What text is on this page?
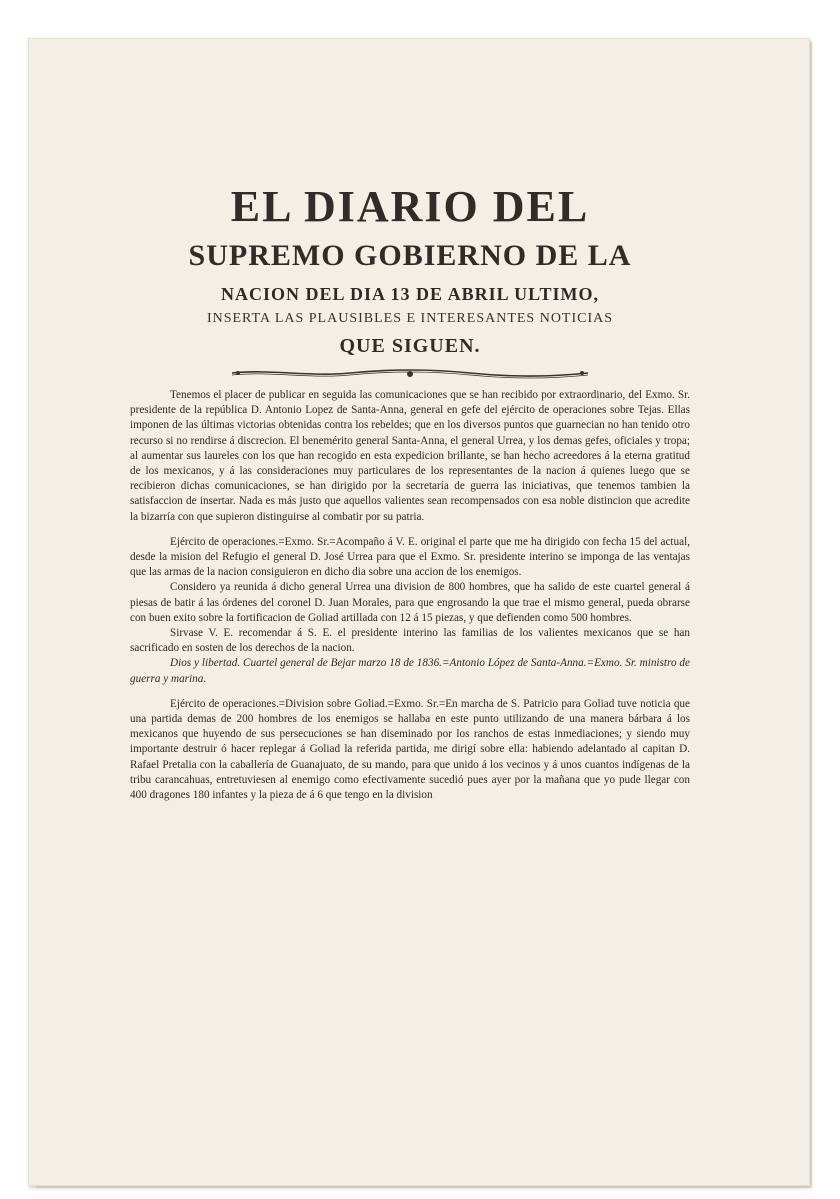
EL DIARIO DEL
SUPREMO GOBIERNO DE LA
NACION DEL DIA 13 DE ABRIL ULTIMO,
INSERTA LAS PLAUSIBLES E INTERESANTES NOTICIAS
QUE SIGUEN.

Tenemos el placer de publicar en seguida las comunicaciones que se han recibido por extraordinario, del Exmo. Sr. presidente de la república D. Antonio Lopez de Santa-Anna, general en gefe del ejército de operaciones sobre Tejas. Ellas imponen de las últimas victorias obtenidas contra los rebeldes; que en los diversos puntos que guarnecian no han tenido otro recurso si no rendirse á discrecion. El benemérito general Santa-Anna, el general Urrea, y los demas gefes, oficiales y tropa; al aumentar sus laureles con los que han recogido en esta expedicion brillante, se han hecho acreedores á la eterna gratitud de los mexicanos, y á las consideraciones muy particulares de los representantes de la nacion á quienes luego que se recibieron dichas comunicaciones, se han dirigido por la secretaría de guerra las iniciativas, que tenemos tambien la satisfaccion de insertar. Nada es más justo que aquellos valientes sean recompensados con esa noble distincion que acredite la bizarría con que supieron distinguirse al combatir por su patria.

Ejército de operaciones.=Exmo. Sr.=Acompaño á V. E. original el parte que me ha dirigido con fecha 15 del actual, desde la mision del Refugio el general D. José Urrea para que el Exmo. Sr. presidente interino se imponga de las ventajas que las armas de la nacion consiguieron en dicho dia sobre una accion de los enemigos.

Considero ya reunida á dicho general Urrea una division de 800 hombres, que ha salido de este cuartel general á piesas de batir á las órdenes del coronel D. Juan Morales, para que engrosando la que trae el mismo general, pueda obrarse con buen exito sobre la fortificacion de Goliad artillada con 12 á 15 piezas, y que defienden como 500 hombres.

Sirvase V. E. recomendar á S. E. el presidente interino las familias de los valientes mexicanos que se han sacrificado en sosten de los derechos de la nacion.

Dios y libertad. Cuartel general de Bejar marzo 18 de 1836.=Antonio López de Santa-Anna.=Exmo. Sr. ministro de guerra y marina.

Ejército de operaciones.=Division sobre Goliad.=Exmo. Sr.=En marcha de S. Patricio para Goliad tuve noticia que una partida demas de 200 hombres de los enemigos se hallaba en este punto utilizando de una manera bárbara á los mexicanos que huyendo de sus persecuciones se han diseminado por los ranchos de estas inmediaciones; y siendo muy importante destruir ó hacer replegar á Goliad la referida partida, me dirigí sobre ella: habiendo adelantado al capitan D. Rafael Pretalia con la caballería de Guanajuato, de su mando, para que unido á los vecinos y á unos cuantos indígenas de la tribu carancahuas, entretuviesen al enemigo como efectivamente sucedió pues ayer por la mañana que yo pude llegar con 400 dragones 180 infantes y la pieza de á 6 que tengo en la division
